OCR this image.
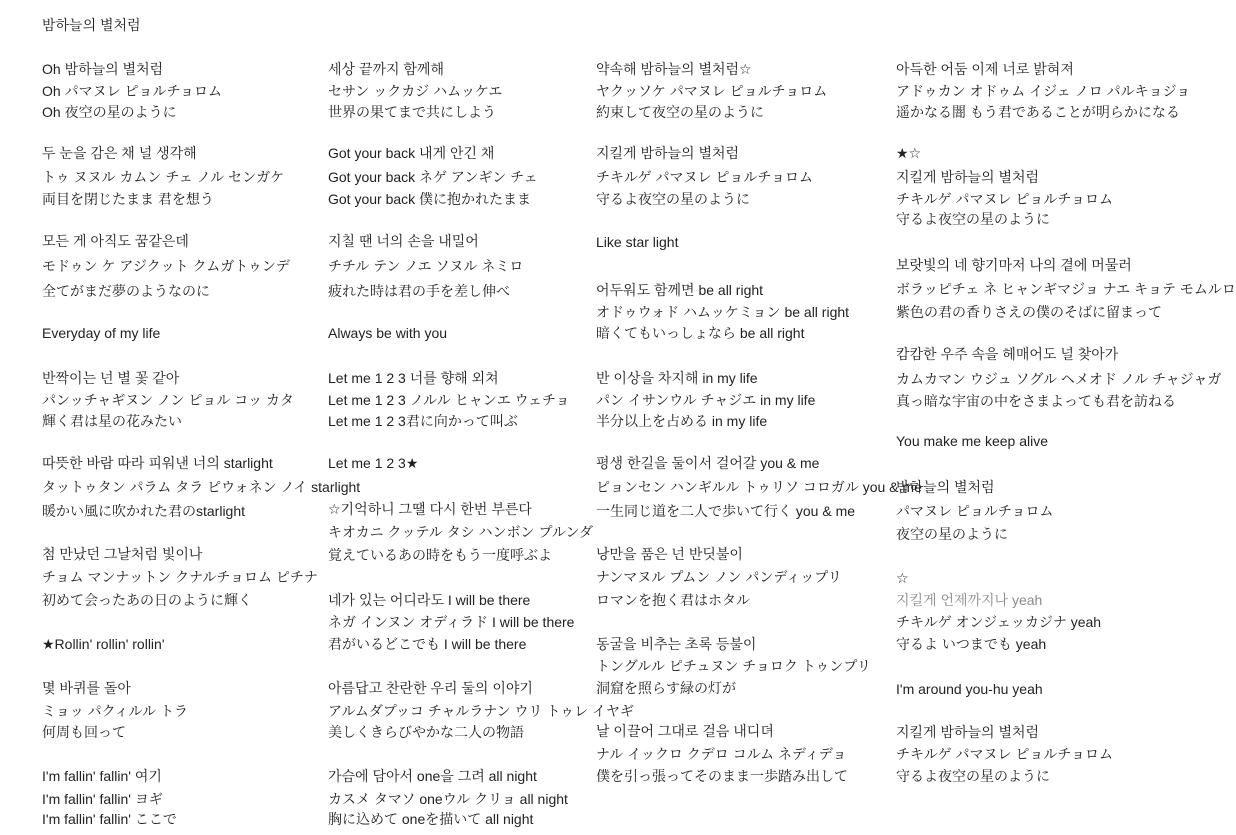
밤하늘의 별처럼
Oh 밤하늘의 별처럼
Oh パマヌレ ピョルチョロム
Oh 夜空の星のように
두 눈을 감은 채 널 생각해
トゥ ヌヌル カムン チェ ノル センガケ
両目を閉じたまま 君を想う
모든 게 아직도 꿈같은데
モドゥン ケ アジクット クムガトゥンデ
全てがまだ夢のようなのに
Everyday of my life
반짝이는 넌 별 꽃 같아
パンッチャギヌン ノン ピョル コッ カタ
輝く君は星の花みたい
따뜻한 바람 따라 피워낸 너의 starlight
タットゥタン パラム タラ ピウォネン ノイ starlight
暖かい風に吹かれた君のstarlight
첨 만났던 그날처럼 빛이나
チョム マンナットン クナルチョロム ピチナ
初めて会ったあの日のように輝く
★Rollin' rollin' rollin'
몇 바퀴를 돌아
ミョッ パクィルル トラ
何周も回って
I'm fallin' fallin' 여기
I'm fallin' fallin' ヨギ
I'm fallin' fallin' ここで
세상 끝까지 함께해
セサン ックカジ ハムッケエ
世界の果てまで共にしよう
Got your back 내게 안긴 채
Got your back ネゲ アンギン チェ
Got your back 僕に抱かれたまま
지칠 땐 너의 손을 내밀어
チチル テン ノエ ソヌル ネミロ
疲れた時は君の手を差し伸べ
Always be with you
Let me 1 2 3 너를 향해 외쳐
Let me 1 2 3 ノルル ヒャンエ ウェチョ
Let me 1 2 3君に向かって叫ぶ
Let me 1 2 3★
☆기억하니 그땔 다시 한번 부른다
キオカニ クッテル タシ ハンボン プルンダ
覚えているあの時をもう一度呼ぶよ
네가 있는 어디라도 I will be there
ネガ インヌン オディラド I will be there
君がいるどこでも I will be there
아름답고 찬란한 우리 둘의 이야기
アルムダプッコ チャルラナン ウリ トゥレ イヤギ
美しくきらびやかな二人の物語
가슴에 담아서 one을 그려 all night
カスメ タマソ oneウル クリョ all night
胸に込めて oneを描いて all night
약속해 밤하늘의 별처럼☆
ヤクッソケ パマヌレ ピョルチョロム
約束して夜空の星のように
지킬게 밤하늘의 별처럼
チキルゲ パマヌレ ピョルチョロム
守るよ夜空の星のように
Like star light
어두워도 함께면 be all right
オドゥウォド ハムッケミョン be all right
暗くてもいっしょなら be all right
반 이상을 차지해 in my life
パン イサンウル チャジエ in my life
半分以上を占める in my life
평생 한길을 둘이서 걸어갈 you & me
ピョンセン ハンギルル トゥリソ コロガル you & me
一生同じ道を二人で歩いて行く you & me
낭만을 품은 넌 반딧불이
ナンマヌル プムン ノン パンディップリ
ロマンを抱く君はホタル
동굴을 비추는 초록 등불이
トングルル ピチュヌン チョロク トゥンプリ
洞窟を照らす緑の灯が
날 이끌어 그대로 걸음 내디뎌
ナル イックロ クデロ コルム ネディデョ
僕を引っ張ってそのまま一歩踏み出して
아득한 어둠 이제 너로 밝혀져
アドゥカン オドゥム イジェ ノロ パルキョジョ
遥かなる闇 もう君であることが明らかになる
★☆
지킬게 밤하늘의 별처럼
チキルゲ パマヌレ ピョルチョロム
守るよ夜空の星のように
보랏빛의 네 향기마저 나의 곁에 머물러
ボラッピチェ ネ ヒャンギマジョ ナエ キョテ モムルロ
紫色の君の香りさえの僕のそばに留まって
캄캄한 우주 속을 헤매어도 널 찾아가
カムカマン ウジュ ソグル ヘメオド ノル チャジャガ
真っ暗な宇宙の中をさまよっても君を訪ねる
You make me keep alive
밤하늘의 별처럼
パマヌレ ピョルチョロム
夜空の星のように
☆
지킬게 언제까지나 yeah
チキルゲ オンジェッカジナ yeah
守るよ いつまでも yeah
I'm around you-hu yeah
지킬게 밤하늘의 별처럼
チキルゲ パマヌレ ピョルチョロム
守るよ夜空の星のように
